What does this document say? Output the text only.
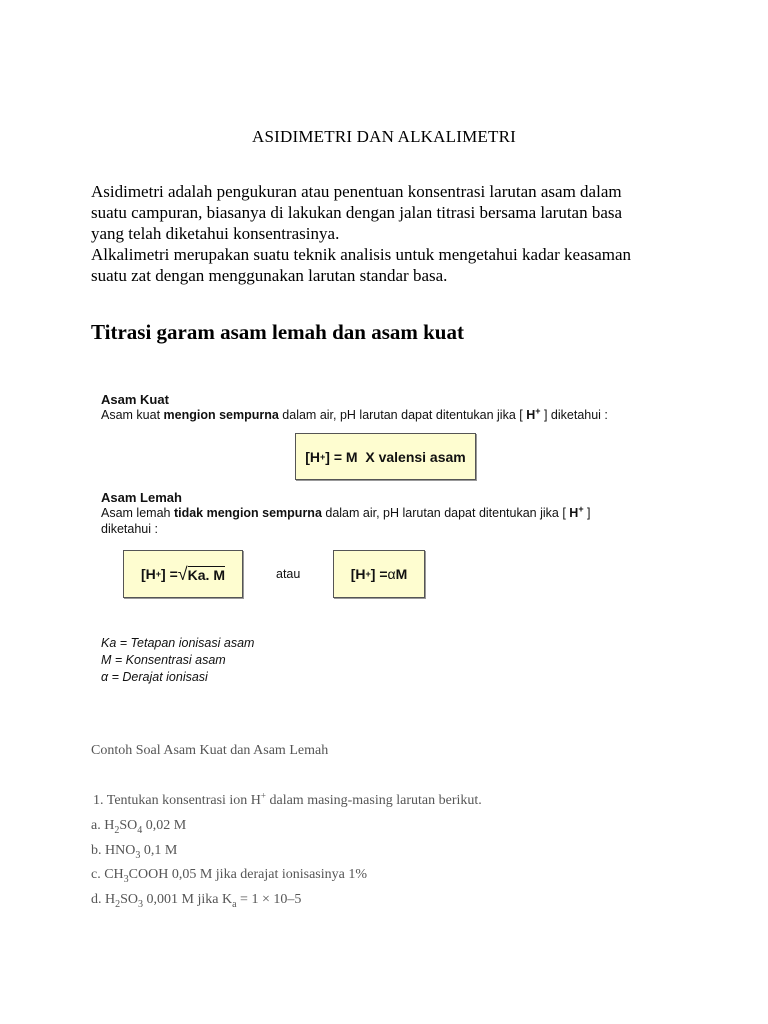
ASIDIMETRI DAN ALKALIMETRI
Asidimetri adalah pengukuran atau penentuan konsentrasi larutan asam dalam
suatu campuran, biasanya di lakukan dengan jalan titrasi bersama larutan basa
yang telah diketahui konsentrasinya.
Alkalimetri merupakan suatu teknik analisis untuk mengetahui kadar keasaman
suatu zat dengan menggunakan larutan standar basa.
Titrasi garam asam lemah dan asam kuat
Asam Kuat
Asam kuat mengion sempurna dalam air, pH larutan dapat ditentukan jika [ H+ ] diketahui :
[H + ] = M
X valensi asam
Asam Lemah
Asam lemah tidak mengion sempurna dalam air, pH larutan dapat ditentukan jika [ H+ ]
diketahui :
[H + ] = √ Ka. M	atau	[H + ] = α M
Ka = Tetapan ionisasi asam
M = Konsentrasi asam
α = Derajat ionisasi
Contoh Soal Asam Kuat dan Asam Lemah
1. Tentukan konsentrasi ion H+ dalam masing-masing larutan berikut.
a. $H_2SO_4$ 0,02 M
b. $HNO_3$ 0,1 M
c. $CH_3COOH$ 0,05 M jika derajat ionisasinya 1%
d. $H_2SO_3$ 0,001 M jika $K_a = 1 \times 10-5$
